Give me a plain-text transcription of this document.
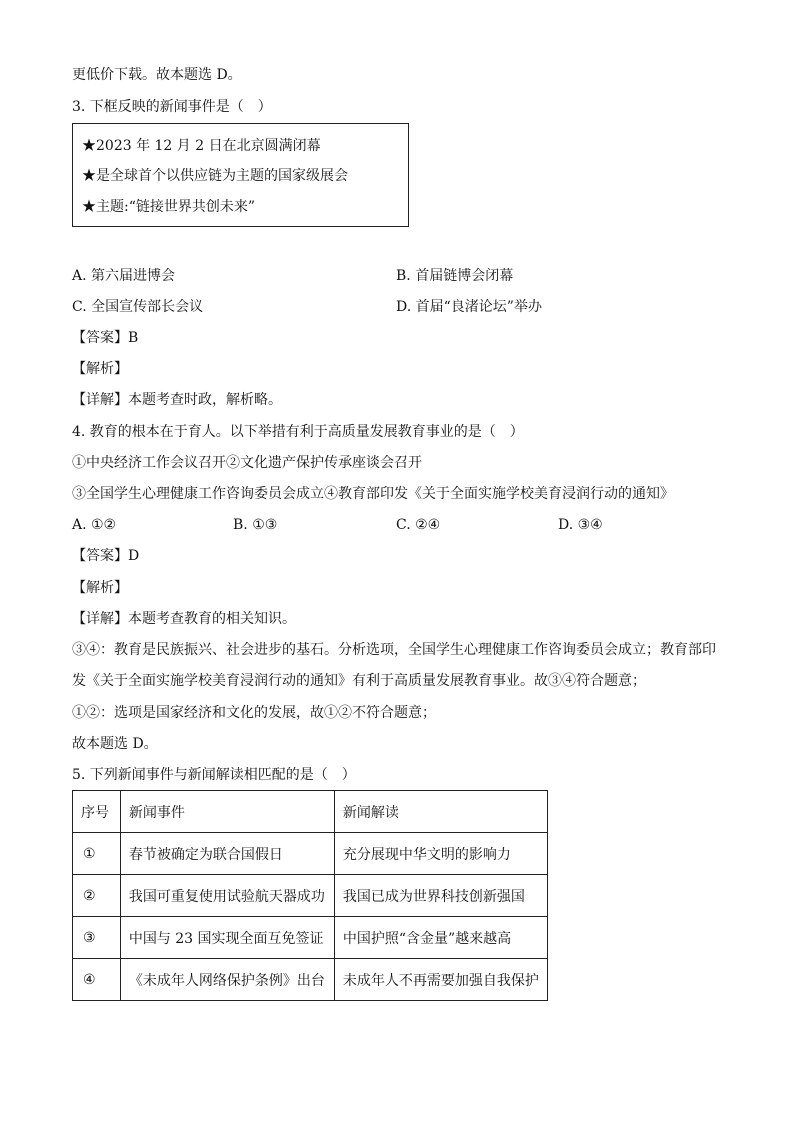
更低价下载。故本题选 D。
3. 下框反映的新闻事件是（　）
★2023 年 12 月 2 日在北京圆满闭幕
★是全球首个以供应链为主题的国家级展会
★主题:“链接世界共创未来”
A. 第六届进博会	B. 首届链博会闭幕
C. 全国宣传部长会议	D. 首届“良渚论坛”举办
【答案】B
【解析】
【详解】本题考查时政，解析略。
4. 教育的根本在于育人。以下举措有利于高质量发展教育事业的是（　）
①中央经济工作会议召开②文化遗产保护传承座谈会召开
③全国学生心理健康工作咨询委员会成立④教育部印发《关于全面实施学校美育浸润行动的通知》
A. ①②	B. ①③	C. ②④	D. ③④
【答案】D
【解析】
【详解】本题考查教育的相关知识。
③④：教育是民族振兴、社会进步的基石。分析选项，全国学生心理健康工作咨询委员会成立；教育部印
发《关于全面实施学校美育浸润行动的通知》有利于高质量发展教育事业。故③④符合题意；
①②：选项是国家经济和文化的发展，故①②不符合题意；
故本题选 D。
5. 下列新闻事件与新闻解读相匹配的是（　）
序号	新闻事件	新闻解读
①	春节被确定为联合国假日	充分展现中华文明的影响力
②	我国可重复使用试验航天器成功	我国已成为世界科技创新强国
③	中国与 23 国实现全面互免签证	中国护照“含金量”越来越高
④	《未成年人网络保护条例》出台	未成年人不再需要加强自我保护
